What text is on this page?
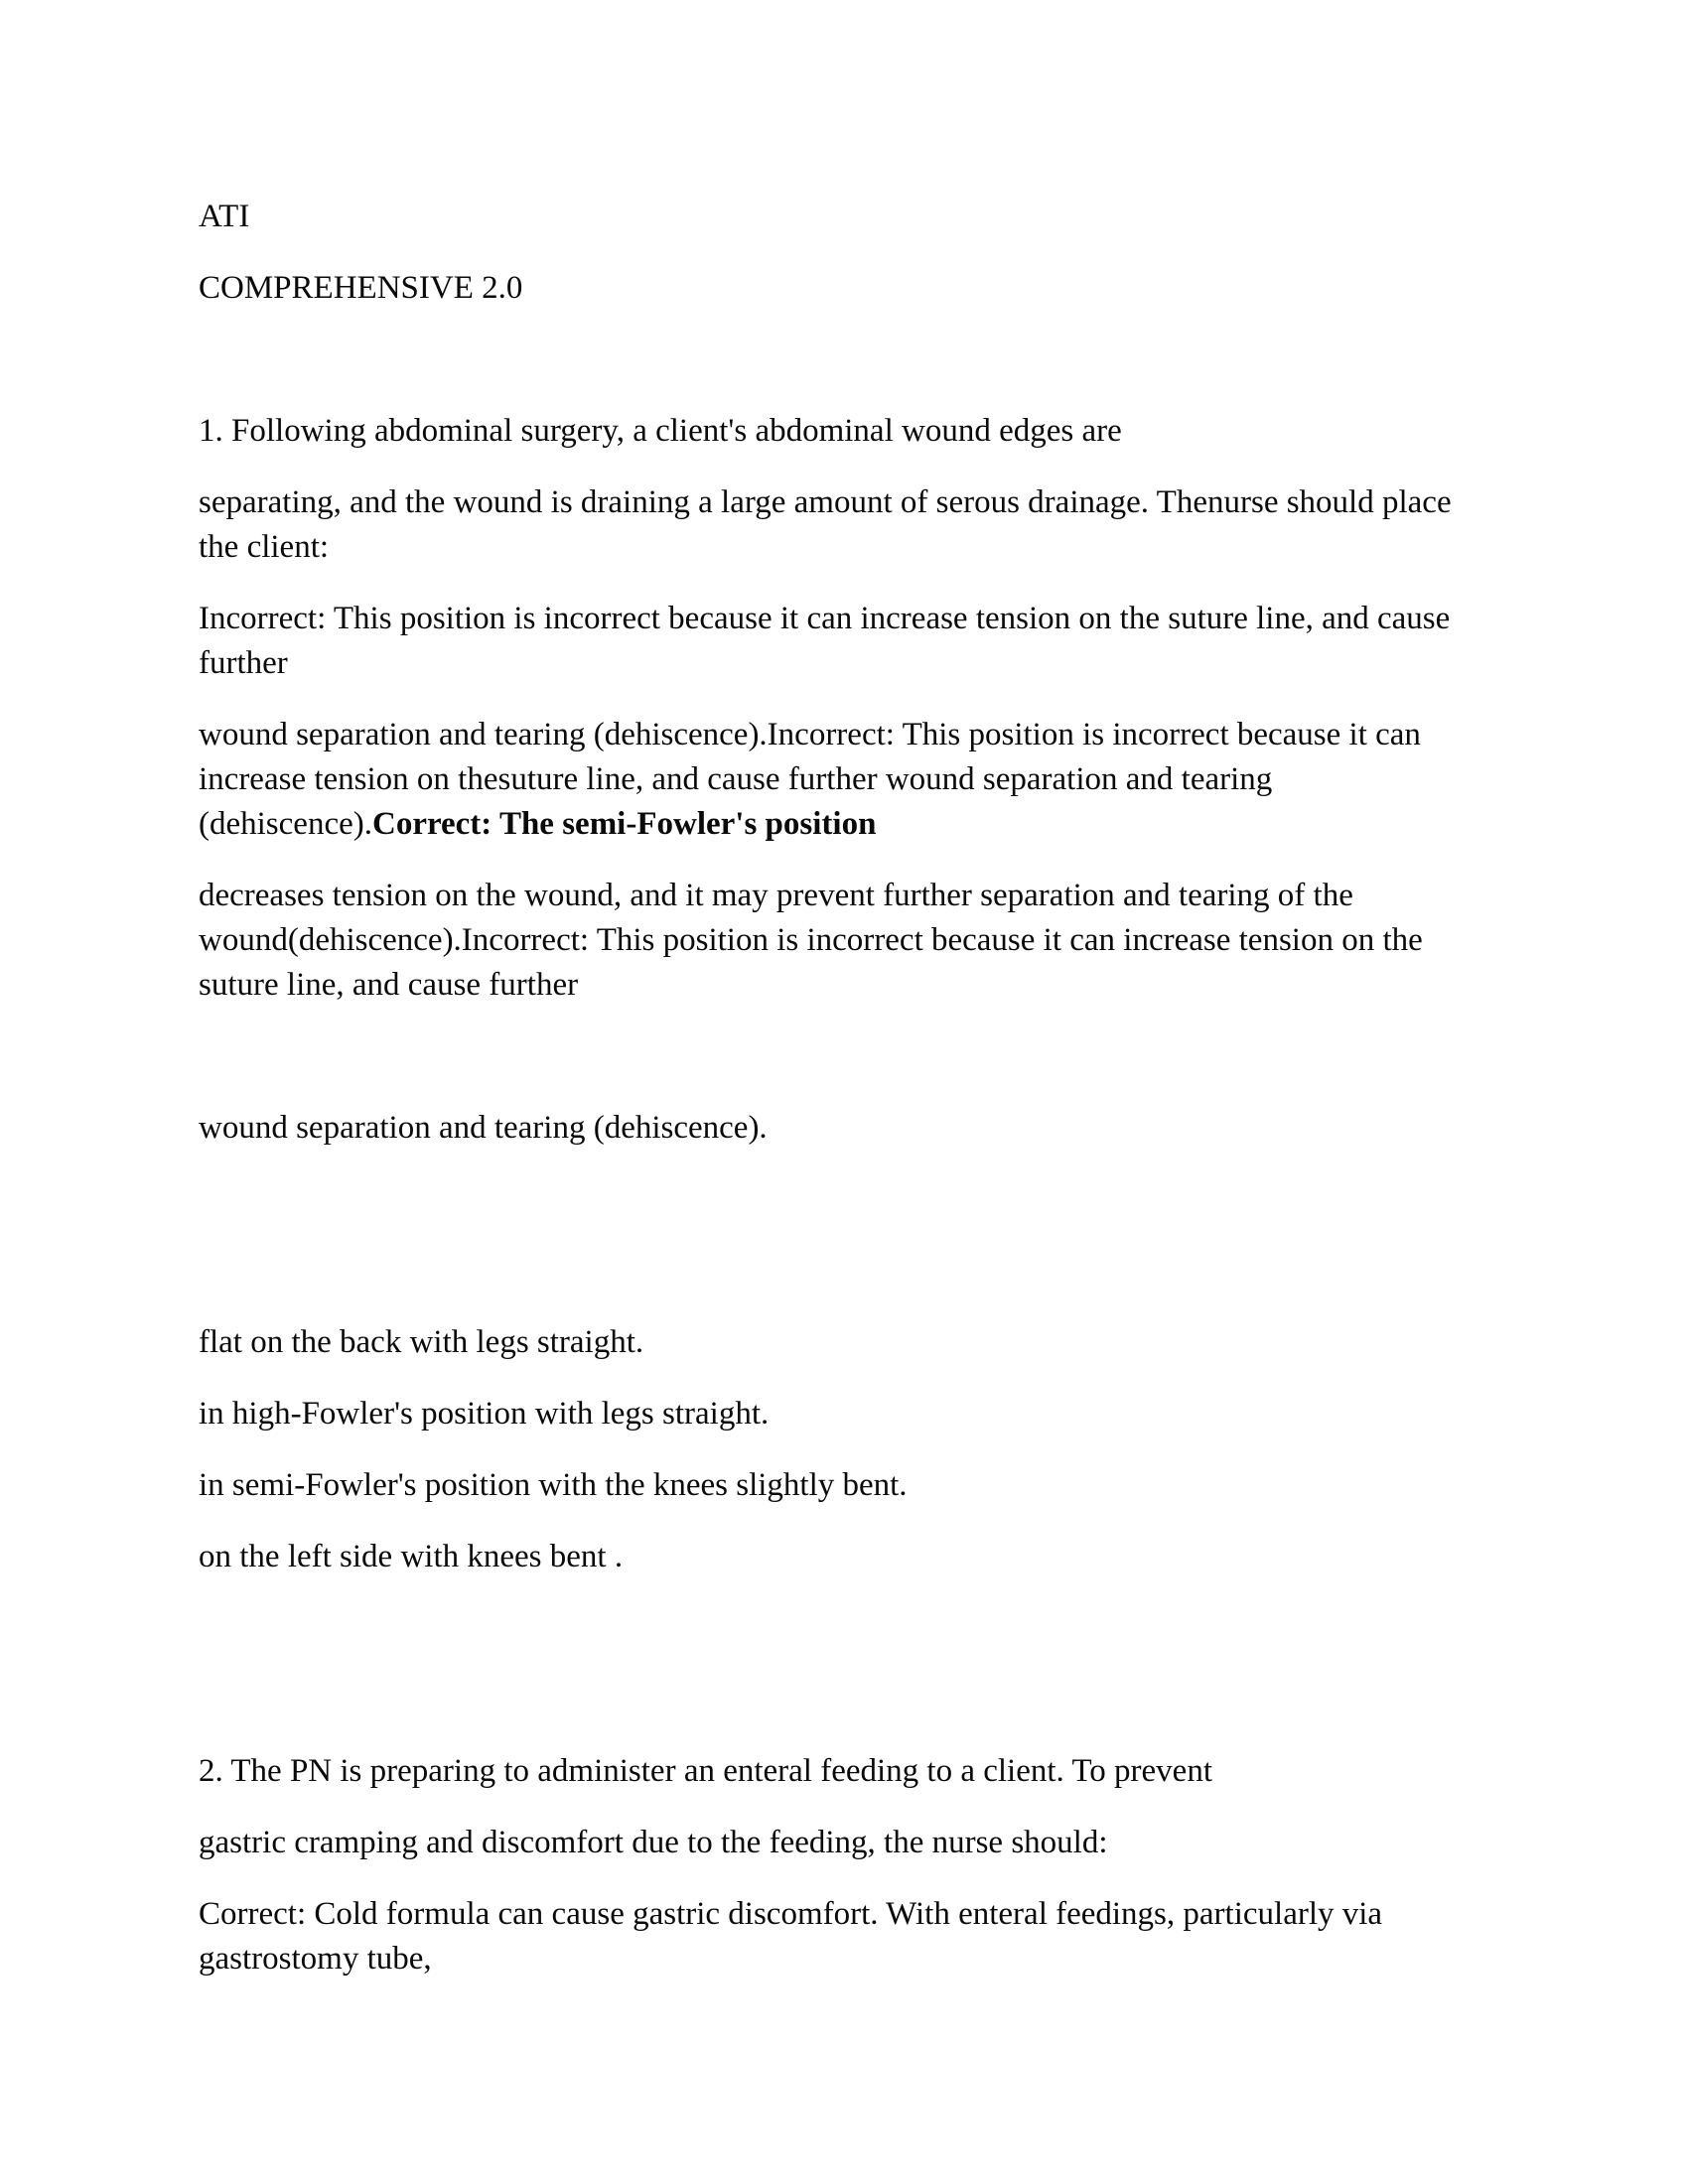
ATI
COMPREHENSIVE 2.0
1. Following abdominal surgery, a client's abdominal wound edges are
separating, and the wound is draining a large amount of serous drainage. Thenurse should place
the client:
Incorrect: This position is incorrect because it can increase tension on the suture line, and cause
further
wound separation and tearing (dehiscence).Incorrect: This position is incorrect because it can
increase tension on thesuture line, and cause further wound separation and tearing
(dehiscence).Correct: The semi-Fowler's position
decreases tension on the wound, and it may prevent further separation and tearing of the
wound(dehiscence).Incorrect: This position is incorrect because it can increase tension on the
suture line, and cause further
wound separation and tearing (dehiscence).
flat on the back with legs straight.
in high-Fowler's position with legs straight.
in semi-Fowler's position with the knees slightly bent.
on the left side with knees bent .
2. The PN is preparing to administer an enteral feeding to a client. To prevent
gastric cramping and discomfort due to the feeding, the nurse should:
Correct: Cold formula can cause gastric discomfort. With enteral feedings, particularly via
gastrostomy tube,
